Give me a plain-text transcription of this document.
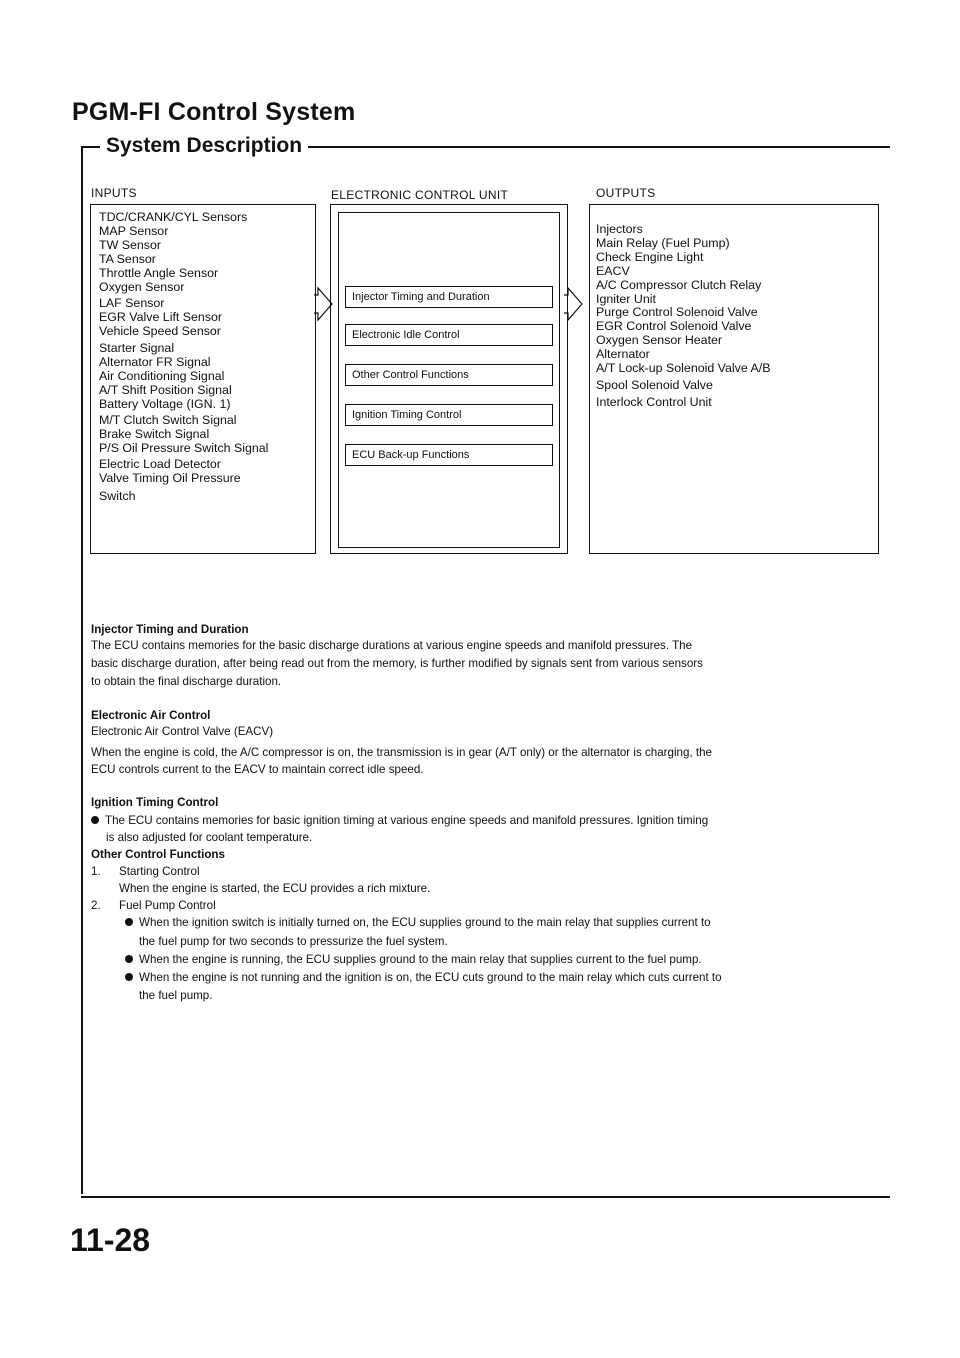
PGM-FI Control System
System Description
INPUTS	ELECTRONIC CONTROL UNIT	OUTPUTS
TDC/CRANK/CYL Sensors
MAP Sensor
TW Sensor
TA Sensor
Throttle Angle Sensor
Oxygen Sensor
LAF Sensor
EGR Valve Lift Sensor
Vehicle Speed Sensor
Starter Signal
Alternator FR Signal
Air Conditioning Signal
A/T Shift Position Signal
Battery Voltage (IGN. 1)
M/T Clutch Switch Signal
Brake Switch Signal
P/S Oil Pressure Switch Signal
Electric Load Detector
Valve Timing Oil Pressure
Switch
Injector Timing and Duration
Electronic Idle Control
Other Control Functions
Ignition Timing Control
ECU Back-up Functions
Injectors
Main Relay (Fuel Pump)
Check Engine Light
EACV
A/C Compressor Clutch Relay
Igniter Unit
Purge Control Solenoid Valve
EGR Control Solenoid Valve
Oxygen Sensor Heater
Alternator
A/T Lock-up Solenoid Valve A/B
Spool Solenoid Valve
Interlock Control Unit
Injector Timing and Duration
The ECU contains memories for the basic discharge durations at various engine speeds and manifold pressures. The
basic discharge duration, after being read out from the memory, is further modified by signals sent from various sensors
to obtain the final discharge duration.
Electronic Air Control
Electronic Air Control Valve (EACV)
When the engine is cold, the A/C compressor is on, the transmission is in gear (A/T only) or the alternator is charging, the
ECU controls current to the EACV to maintain correct idle speed.
Ignition Timing Control
The ECU contains memories for basic ignition timing at various engine speeds and manifold pressures. Ignition timing
is also adjusted for coolant temperature.
Other Control Functions
1. Starting Control
When the engine is started, the ECU provides a rich mixture.
2. Fuel Pump Control
When the ignition switch is initially turned on, the ECU supplies ground to the main relay that supplies current to
the fuel pump for two seconds to pressurize the fuel system.
When the engine is running, the ECU supplies ground to the main relay that supplies current to the fuel pump.
When the engine is not running and the ignition is on, the ECU cuts ground to the main relay which cuts current to
the fuel pump.
11-28
